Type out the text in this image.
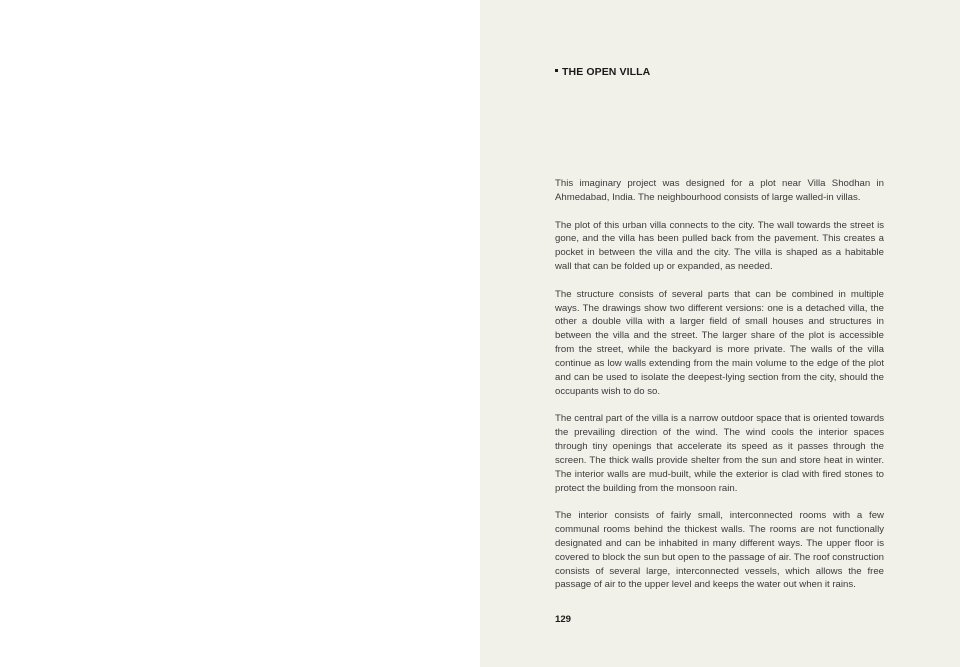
THE OPEN VILLA

This imaginary project was designed for a plot near Villa Shodhan in Ahmedabad, India. The neighbourhood consists of large walled-in villas.

The plot of this urban villa connects to the city. The wall towards the street is gone, and the villa has been pulled back from the pavement. This creates a pocket in between the villa and the city. The villa is shaped as a habitable wall that can be folded up or expanded, as needed.

The structure consists of several parts that can be combined in multiple ways. The drawings show two different versions: one is a detached villa, the other a double villa with a larger field of small houses and structures in between the villa and the street. The larger share of the plot is accessible from the street, while the backyard is more private. The walls of the villa continue as low walls extending from the main volume to the edge of the plot and can be used to isolate the deepest-lying section from the city, should the occupants wish to do so.

The central part of the villa is a narrow outdoor space that is oriented towards the prevailing direction of the wind. The wind cools the interior spaces through tiny openings that accelerate its speed as it passes through the screen. The thick walls provide shelter from the sun and store heat in winter. The interior walls are mud-built, while the exterior is clad with fired stones to protect the building from the monsoon rain.

The interior consists of fairly small, interconnected rooms with a few communal rooms behind the thickest walls. The rooms are not functionally designated and can be inhabited in many different ways. The upper floor is covered to block the sun but open to the passage of air. The roof construction consists of several large, interconnected vessels, which allows the free passage of air to the upper level and keeps the water out when it rains.

129
